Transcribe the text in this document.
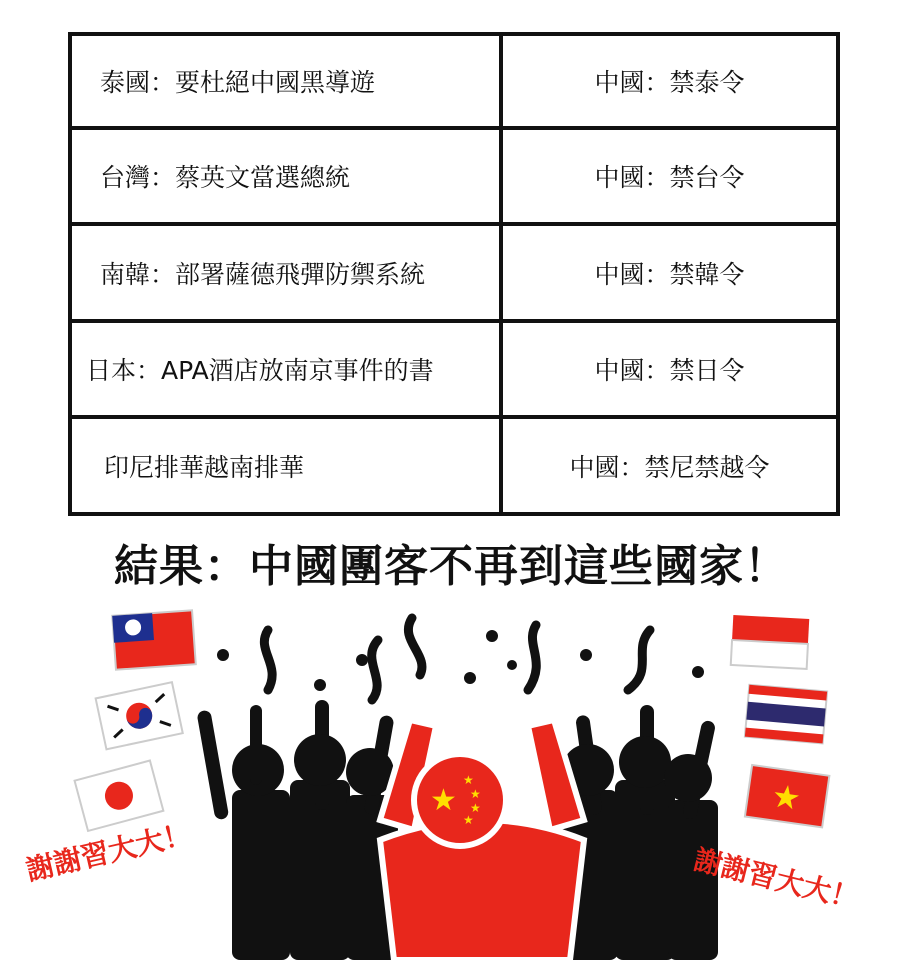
泰國：要杜絕中國黑導遊	中國：禁泰令
台灣：蔡英文當選總統	中國：禁台令
南韓：部署薩德飛彈防禦系統	中國：禁韓令
日本：APA酒店放南京事件的書	中國：禁日令
印尼排華越南排華	中國：禁尼禁越令
結果：中國團客不再到這些國家！
★
★
★
★
★
★
謝謝習大大！	謝謝習大大！
